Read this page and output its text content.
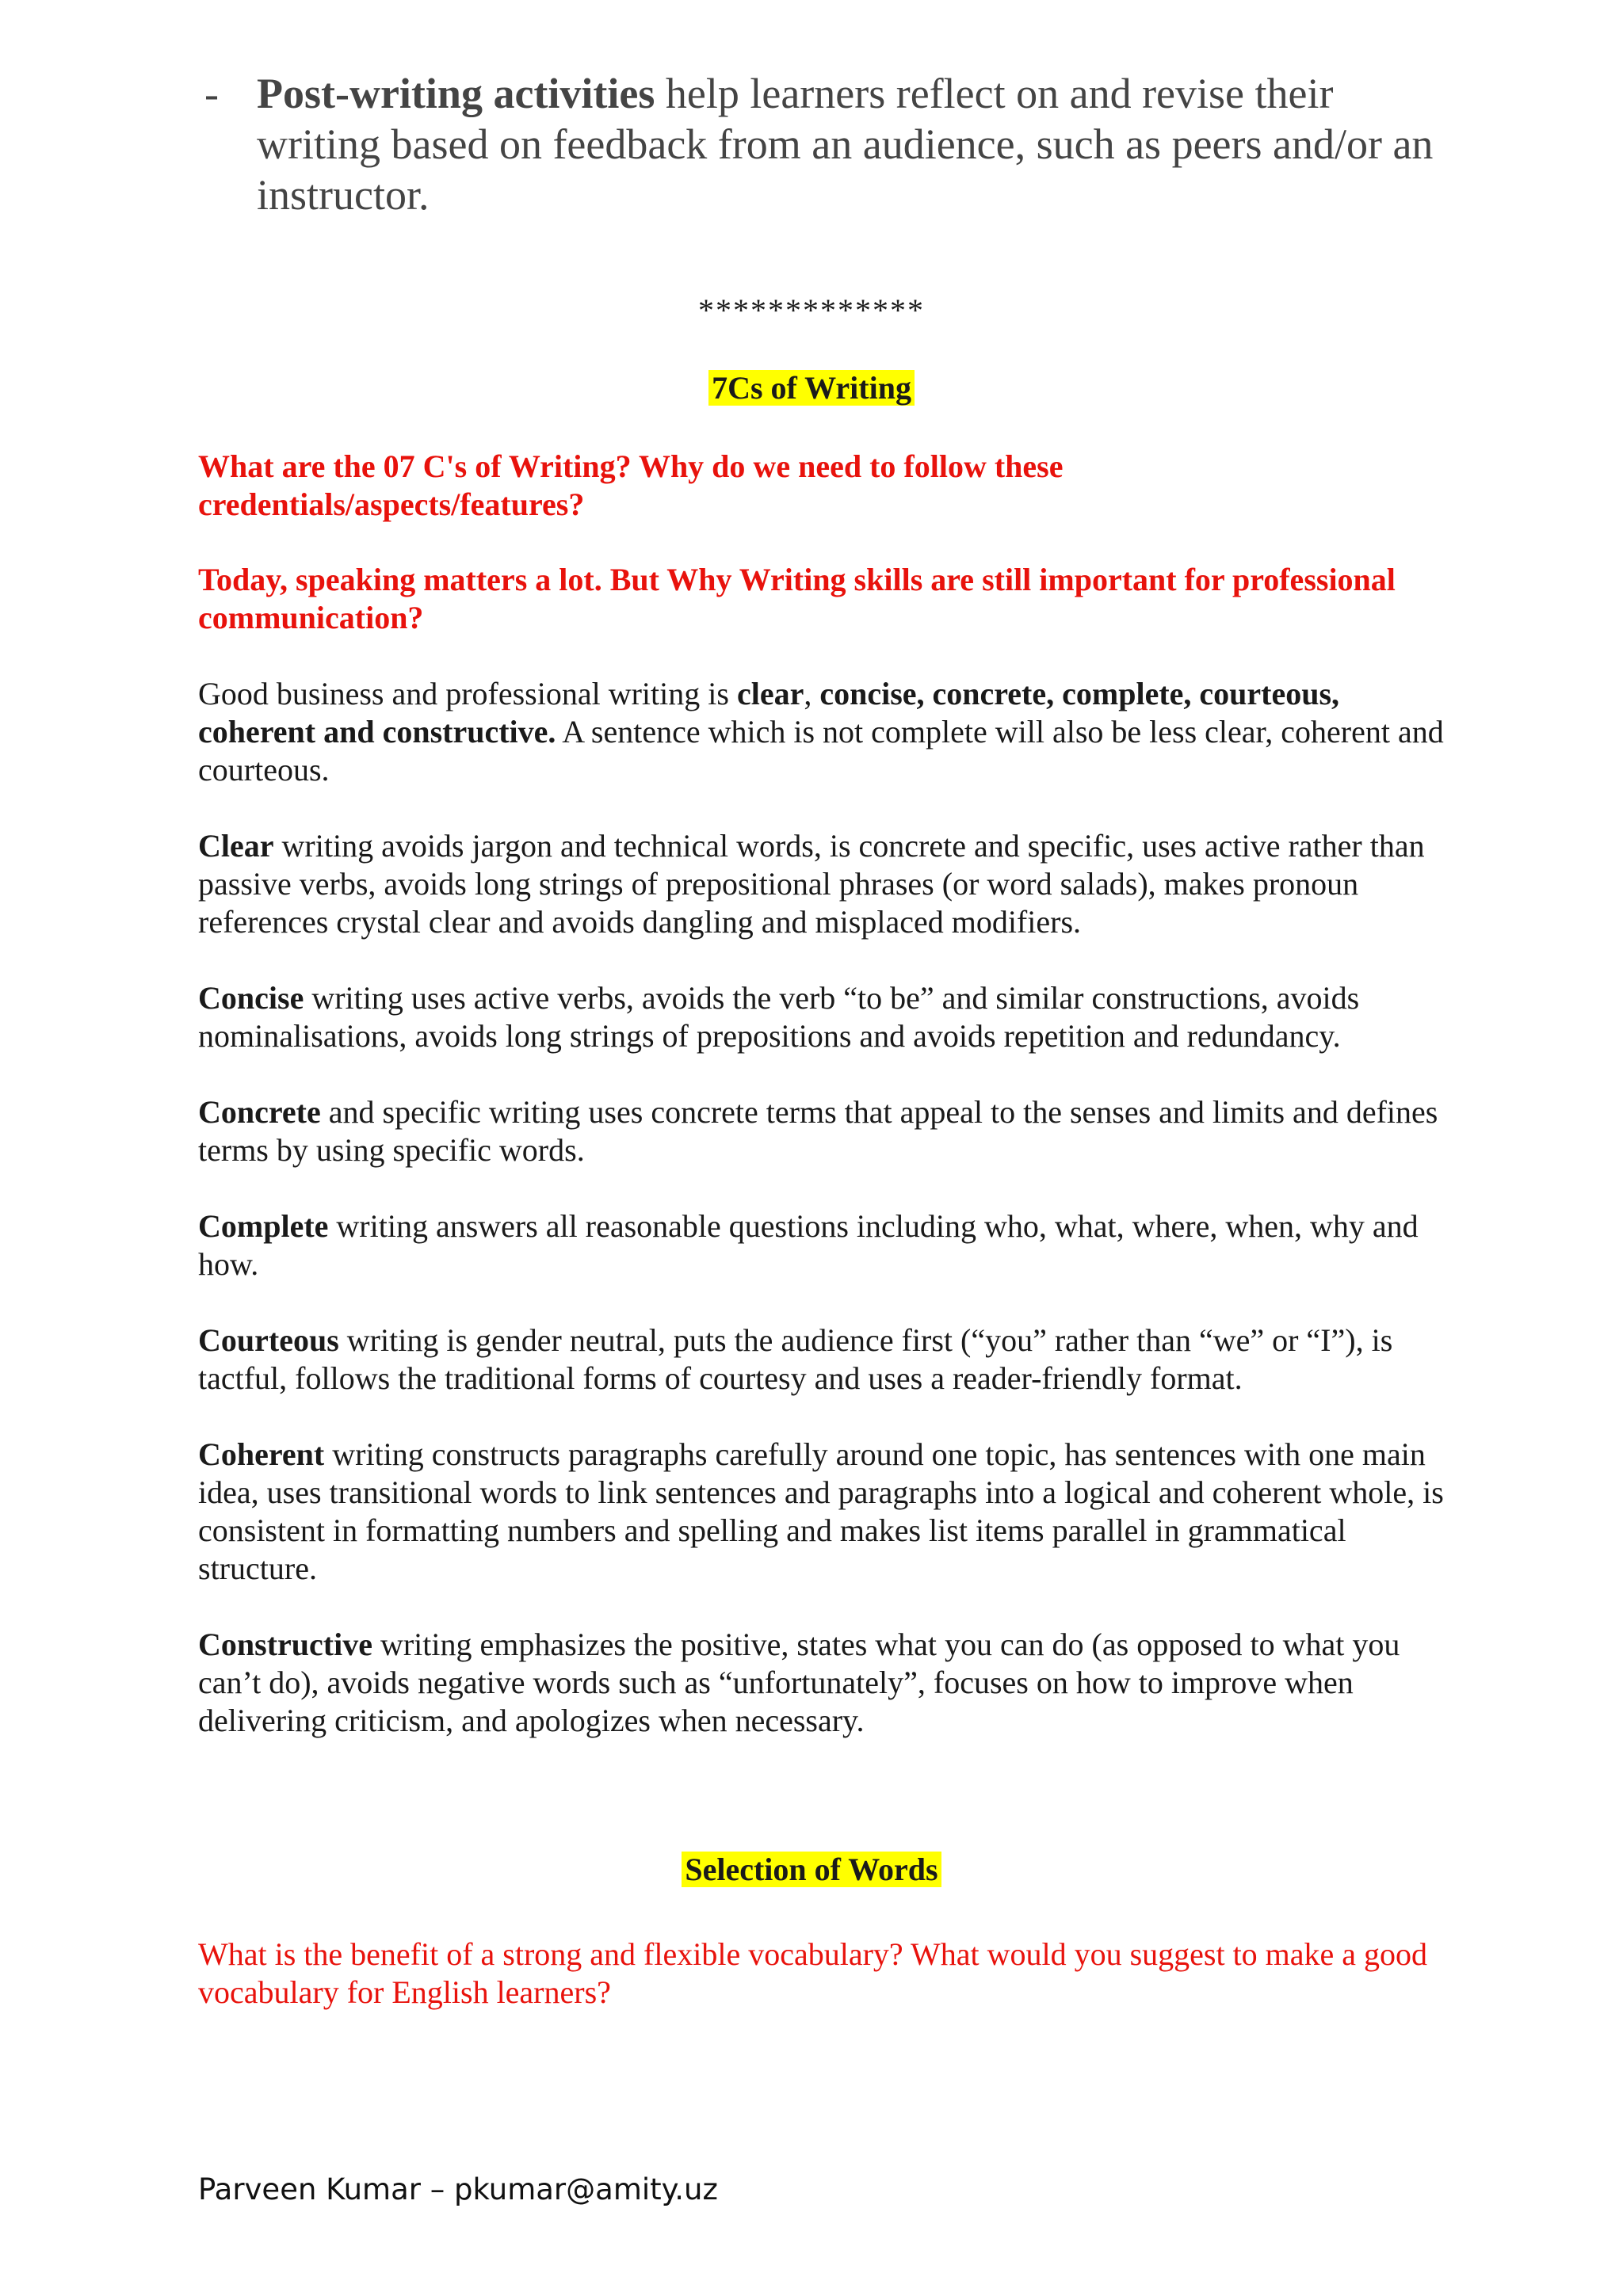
- Post-writing activities help learners reflect on and revise their writing based on feedback from an audience, such as peers and/or an instructor.
*************
7Cs of Writing
What are the 07 C's of Writing? Why do we need to follow these credentials/aspects/features?
Today, speaking matters a lot. But Why Writing skills are still important for professional communication?
Good business and professional writing is clear, concise, concrete, complete, courteous, coherent and constructive. A sentence which is not complete will also be less clear, coherent and courteous.
Clear writing avoids jargon and technical words, is concrete and specific, uses active rather than passive verbs, avoids long strings of prepositional phrases (or word salads), makes pronoun references crystal clear and avoids dangling and misplaced modifiers.
Concise writing uses active verbs, avoids the verb “to be” and similar constructions, avoids nominalisations, avoids long strings of prepositions and avoids repetition and redundancy.
Concrete and specific writing uses concrete terms that appeal to the senses and limits and defines terms by using specific words.
Complete writing answers all reasonable questions including who, what, where, when, why and how.
Courteous writing is gender neutral, puts the audience first (“you” rather than “we” or “I”), is tactful, follows the traditional forms of courtesy and uses a reader-friendly format.
Coherent writing constructs paragraphs carefully around one topic, has sentences with one main idea, uses transitional words to link sentences and paragraphs into a logical and coherent whole, is consistent in formatting numbers and spelling and makes list items parallel in grammatical structure.
Constructive writing emphasizes the positive, states what you can do (as opposed to what you can’t do), avoids negative words such as “unfortunately”, focuses on how to improve when delivering criticism, and apologizes when necessary.
Selection of Words
What is the benefit of a strong and flexible vocabulary? What would you suggest to make a good vocabulary for English learners?
Parveen Kumar – pkumar@amity.uz
